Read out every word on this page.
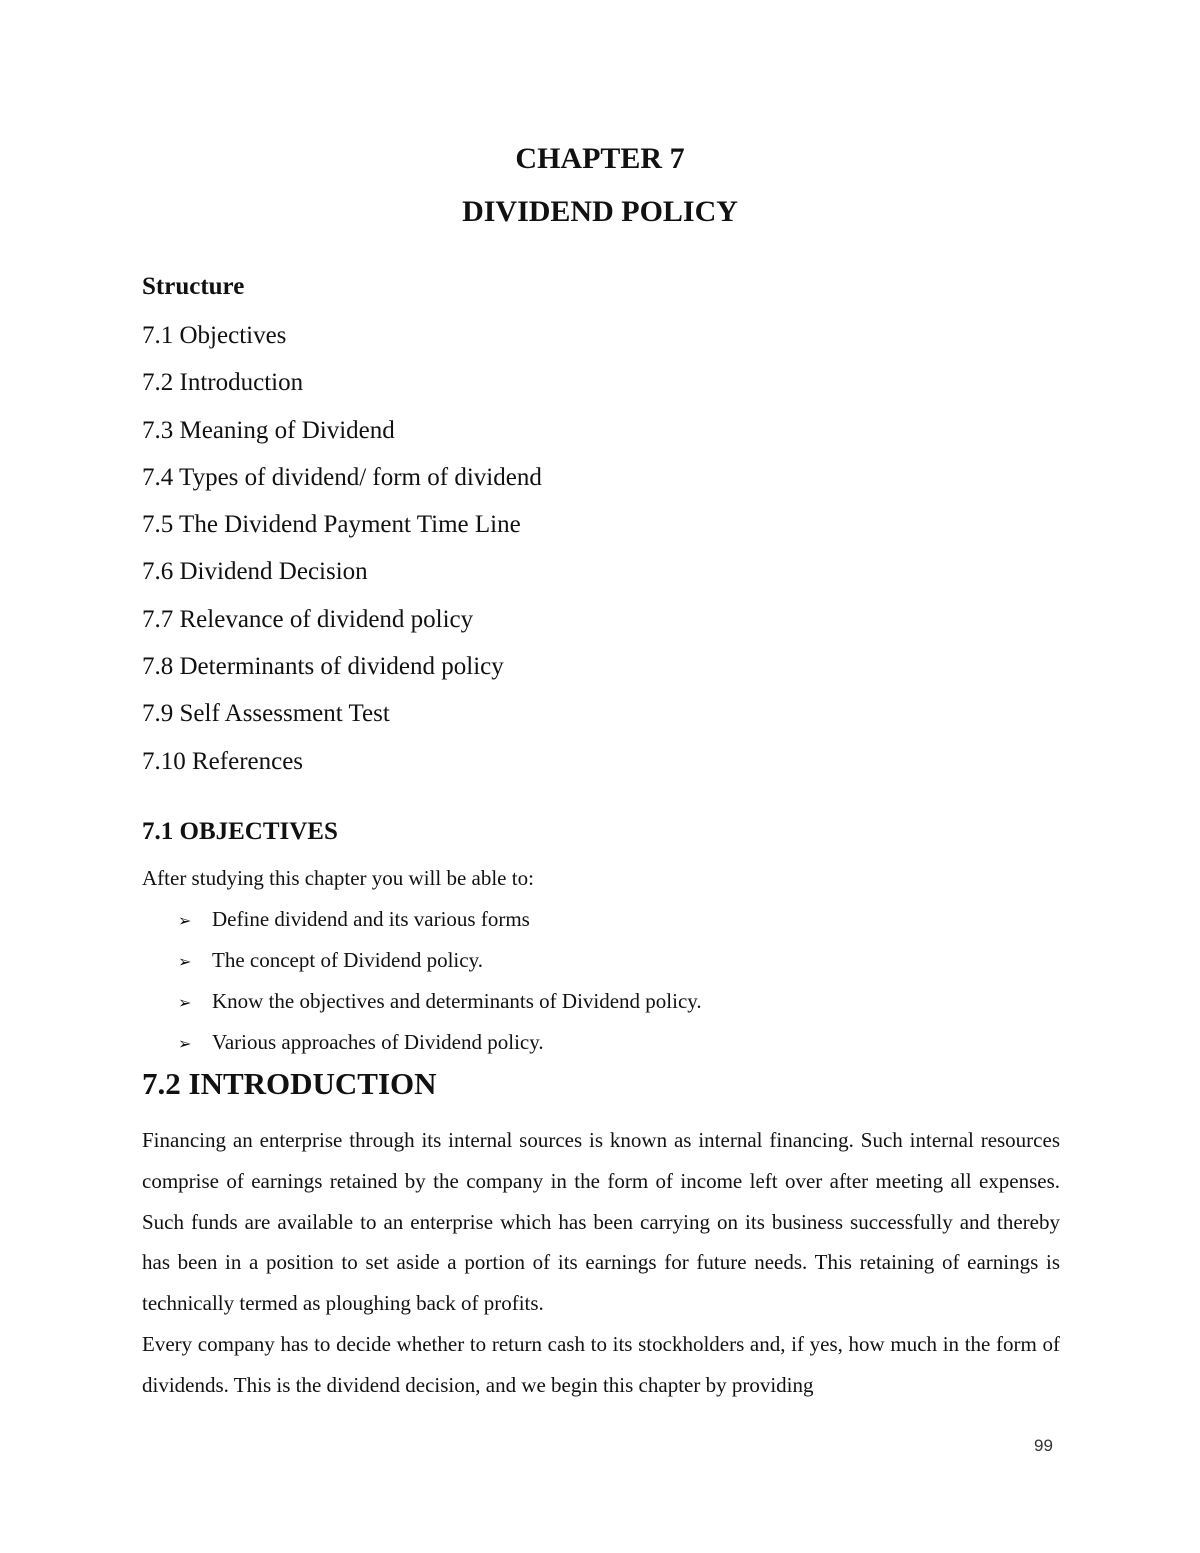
CHAPTER 7
DIVIDEND POLICY
Structure
7.1 Objectives
7.2 Introduction
7.3 Meaning of Dividend
7.4 Types of dividend/ form of dividend
7.5 The Dividend Payment Time Line
7.6 Dividend Decision
7.7 Relevance of dividend policy
7.8 Determinants of dividend policy
7.9 Self Assessment Test
7.10 References
7.1 OBJECTIVES
After studying this chapter you will be able to:
➢ Define dividend and its various forms
➢ The concept of Dividend policy.
➢ Know the objectives and determinants of Dividend policy.
➢ Various approaches of Dividend policy.
7.2 INTRODUCTION

Financing an enterprise through its internal sources is known as internal financing. Such internal resources comprise of earnings retained by the company in the form of income left over after meeting all expenses. Such funds are available to an enterprise which has been carrying on its business successfully and thereby has been in a position to set aside a portion of its earnings for future needs. This retaining of earnings is technically termed as ploughing back of profits.

Every company has to decide whether to return cash to its stockholders and, if yes, how much in the form of dividends. This is the dividend decision, and we begin this chapter by providing

99
